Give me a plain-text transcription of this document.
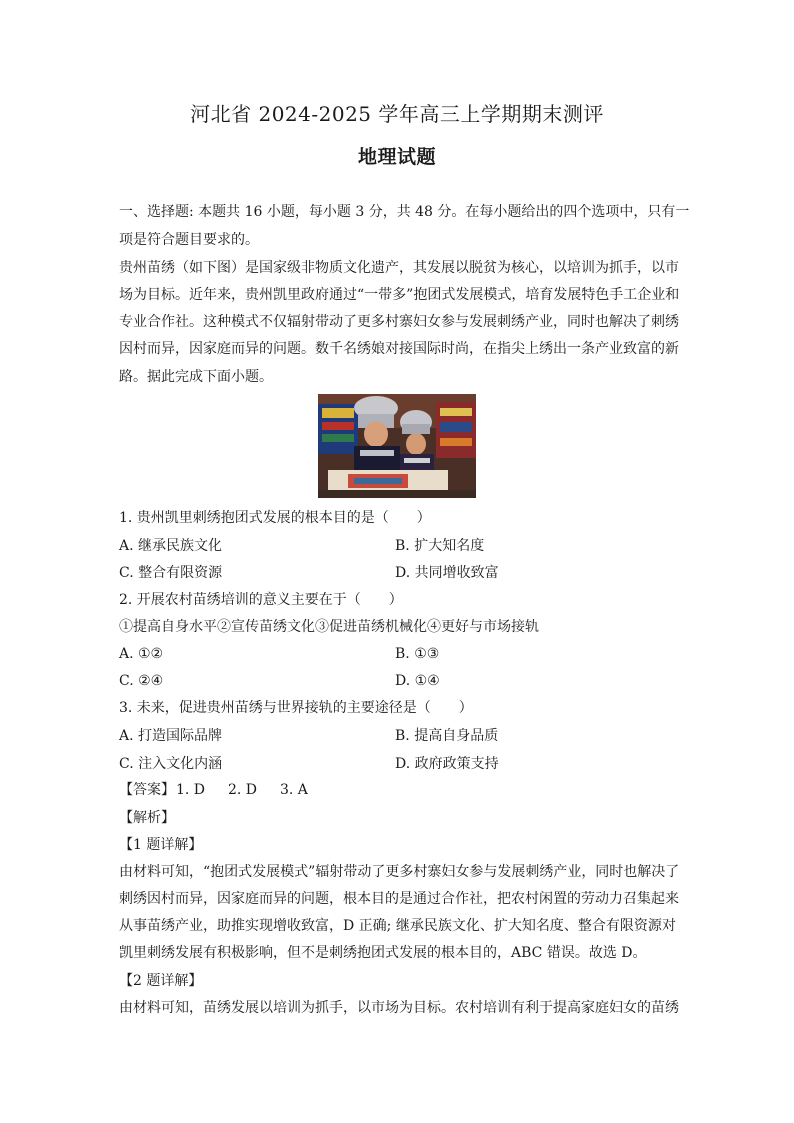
河北省 2024-2025 学年高三上学期期末测评
地理试题
一、选择题: 本题共 16 小题，每小题 3 分，共 48 分。在每小题给出的四个选项中，只有一
项是符合题目要求的。
贵州苗绣（如下图）是国家级非物质文化遗产，其发展以脱贫为核心，以培训为抓手，以市
场为目标。近年来，贵州凯里政府通过“一带多”抱团式发展模式，培育发展特色手工企业和
专业合作社。这种模式不仅辐射带动了更多村寨妇女参与发展刺绣产业，同时也解决了刺绣
因村而异，因家庭而异的问题。数千名绣娘对接国际时尚，在指尖上绣出一条产业致富的新
路。据此完成下面小题。
1. 贵州凯里刺绣抱团式发展的根本目的是（　　）
A. 继承民族文化	B. 扩大知名度
C. 整合有限资源	D. 共同增收致富
2. 开展农村苗绣培训的意义主要在于（　　）
①提高自身水平②宣传苗绣文化③促进苗绣机械化④更好与市场接轨
A. ①②	B. ①③
C. ②④	D. ①④
3. 未来，促进贵州苗绣与世界接轨的主要途径是（　　）
A. 打造国际品牌	B. 提高自身品质
C. 注入文化内涵	D. 政府政策支持
【答案】 1. D 2. D 3. A
【解析】
【1 题详解】
由材料可知，“抱团式发展模式”辐射带动了更多村寨妇女参与发展刺绣产业，同时也解决了
刺绣因村而异，因家庭而异的问题，根本目的是通过合作社，把农村闲置的劳动力召集起来
从事苗绣产业，助推实现增收致富，D 正确; 继承民族文化、扩大知名度、整合有限资源对
凯里刺绣发展有积极影响，但不是刺绣抱团式发展的根本目的，ABC 错误。故选 D。
【2 题详解】
由材料可知，苗绣发展以培训为抓手，以市场为目标。农村培训有利于提高家庭妇女的苗绣
